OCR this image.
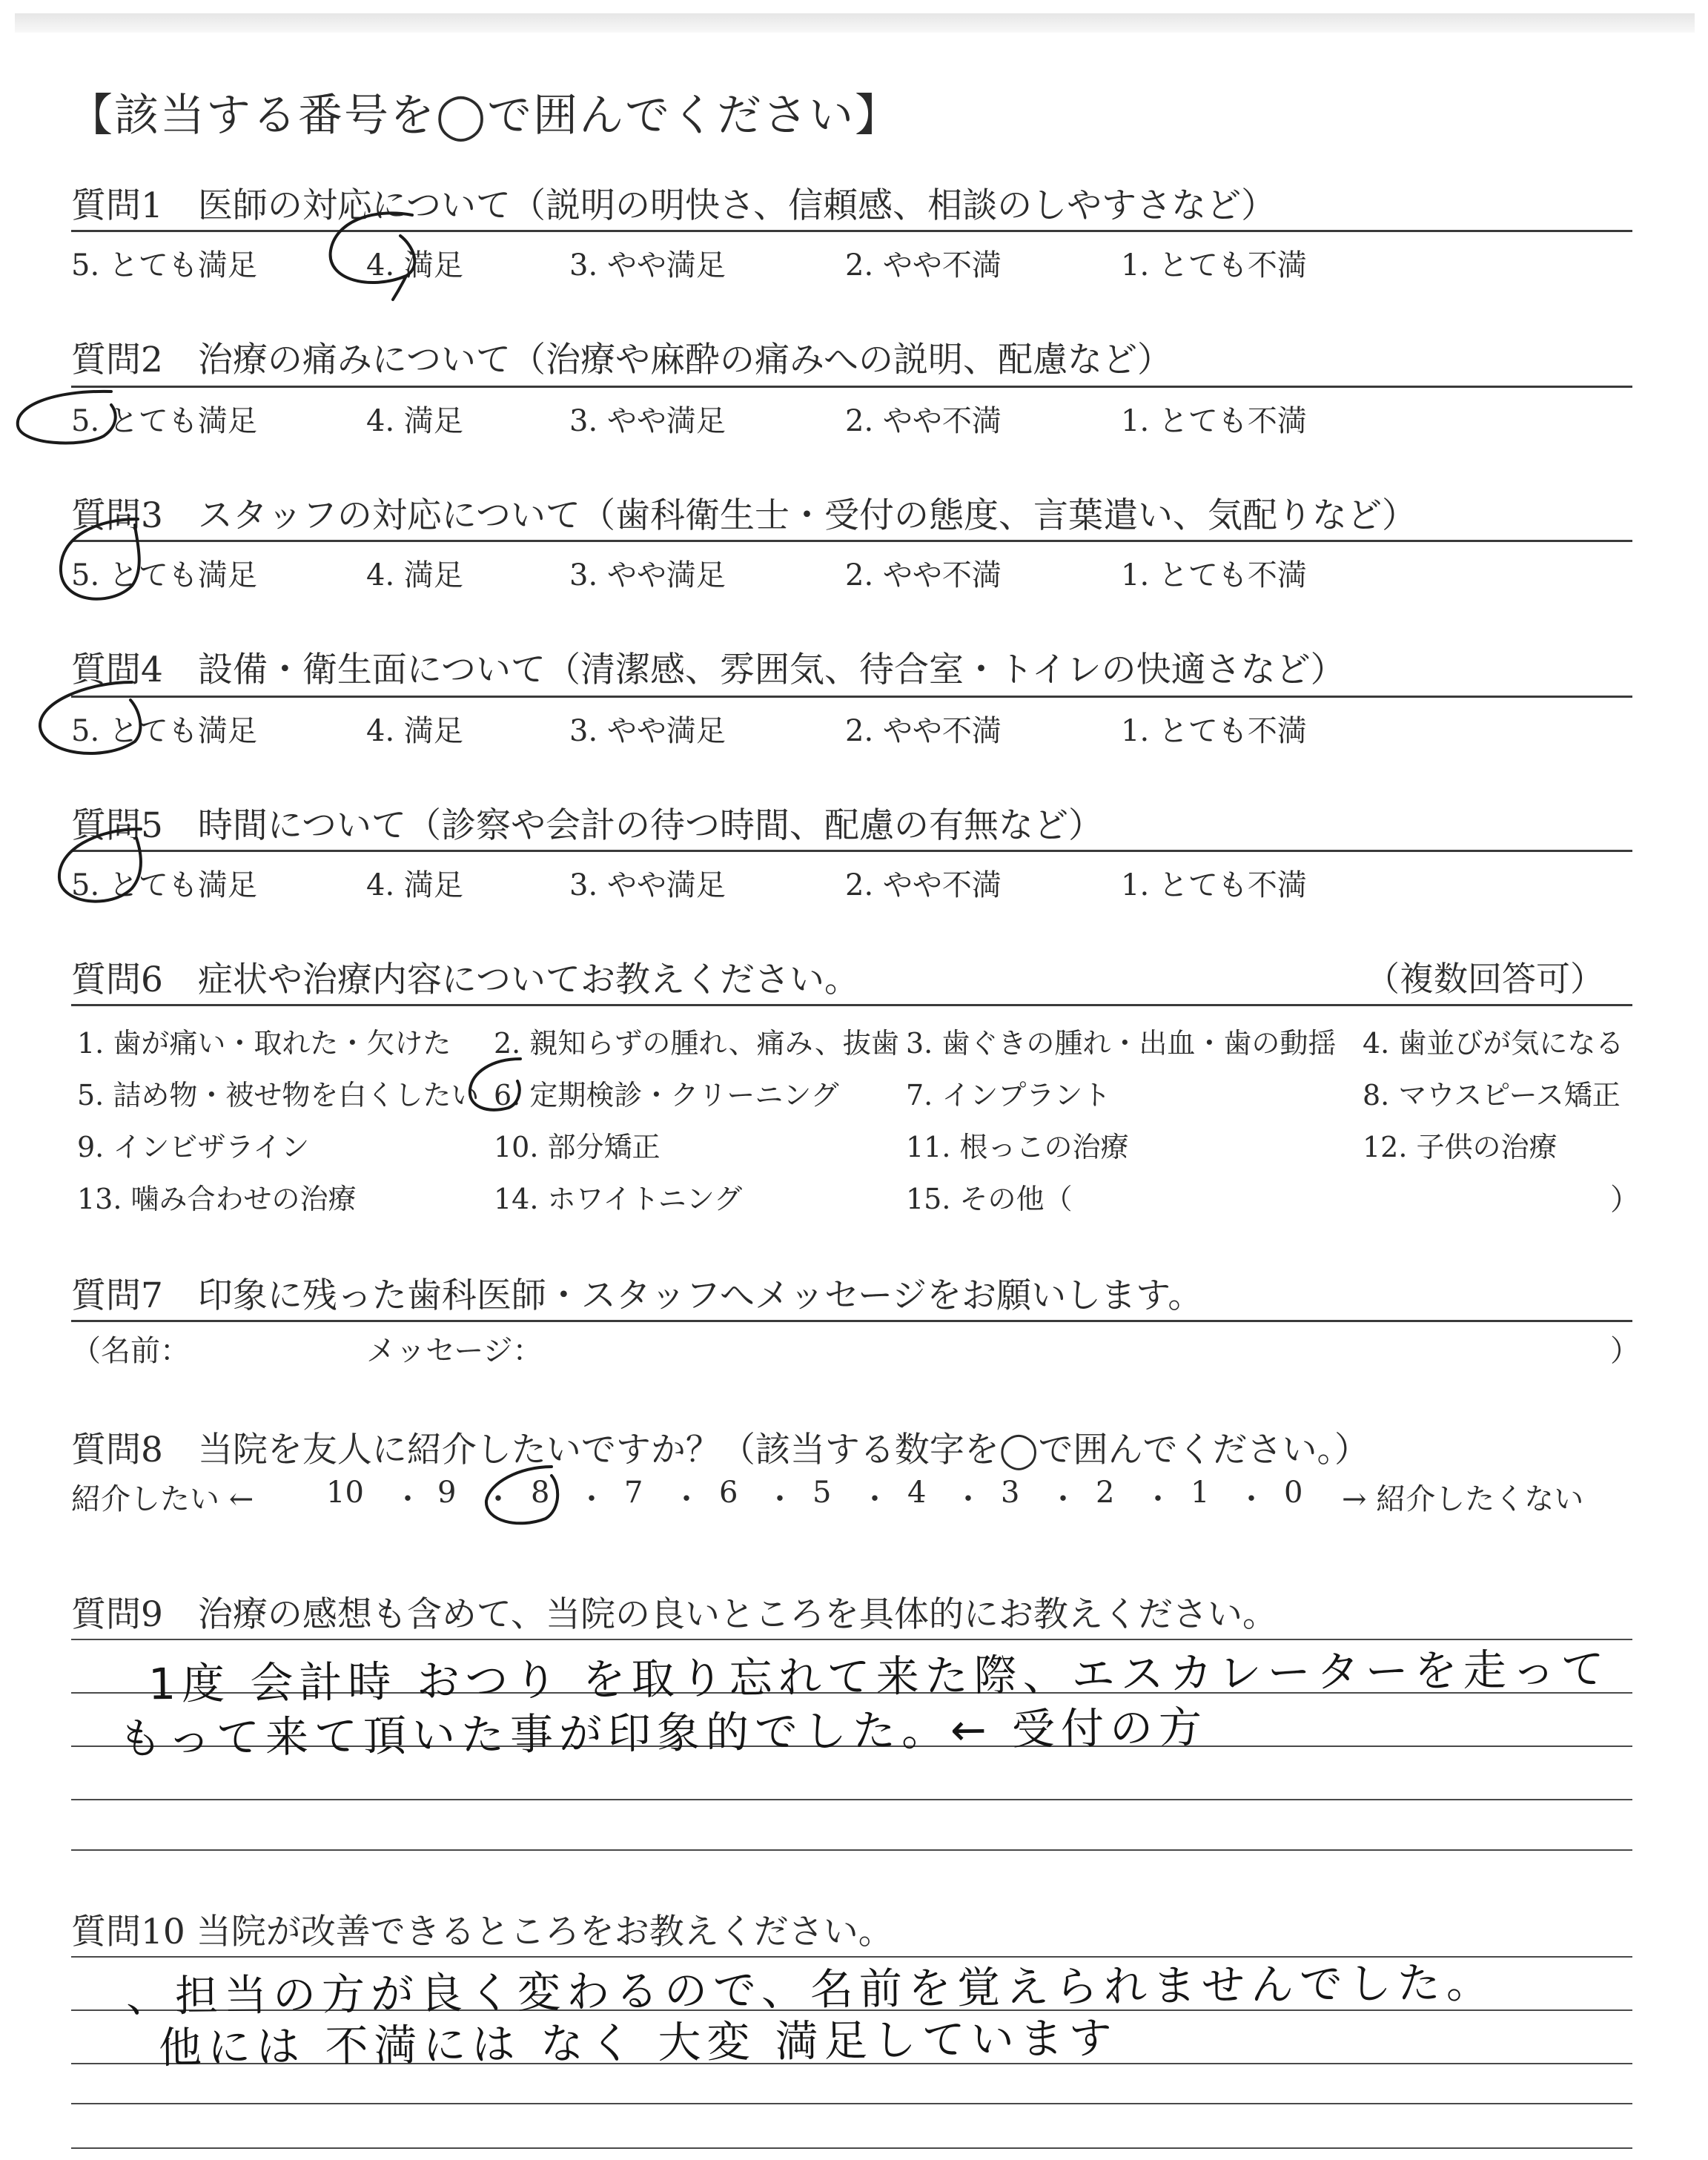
【該当する番号を◯で囲んでください】
質問1　医師の対応について（説明の明快さ、信頼感、相談のしやすさなど）
5. とても満足	4. 満足	3. やや満足	2. やや不満	1. とても不満
質問2　治療の痛みについて（治療や麻酔の痛みへの説明、配慮など）
5. とても満足	4. 満足	3. やや満足	2. やや不満	1. とても不満
質問3　スタッフの対応について（歯科衛生士・受付の態度、言葉遣い、気配りなど）
5. とても満足	4. 満足	3. やや満足	2. やや不満	1. とても不満
質問4　設備・衛生面について（清潔感、雰囲気、待合室・トイレの快適さなど）
5. とても満足	4. 満足	3. やや満足	2. やや不満	1. とても不満
質問5　時間について（診察や会計の待つ時間、配慮の有無など）
5. とても満足	4. 満足	3. やや満足	2. やや不満	1. とても不満
質問6　症状や治療内容についてお教えください。	（複数回答可）
1. 歯が痛い・取れた・欠けた 2. 親知らずの腫れ、痛み、抜歯 3. 歯ぐきの腫れ・出血・歯の動揺 4. 歯並びが気になる
5. 詰め物・被せ物を白くしたい 6. 定期検診・クリーニング 7. インプラント	8. マウスピース矯正
9. インビザライン	10. 部分矯正	11. 根っこの治療	12. 子供の治療
13. 噛み合わせの治療	14. ホワイトニング	15. その他（	）
質問7　印象に残った歯科医師・スタッフへメッセージをお願いします。
（名前：	メッセージ：	）
質問8　当院を友人に紹介したいですか？（該当する数字を◯で囲んでください。）
紹介したい ← 10 9	8	7	6	5	4	3	2	1	0 → 紹介したくない
・ ・ ・ ・ ・ ・ ・ ・ ・ ・
質問9　治療の感想も含めて、当院の良いところを具体的にお教えください。
1度 会計時 おつり を取り忘れて来た際、エスカレーターを走って
もって来て頂いた事が印象的でした。← 受付の方
質問10 当院が改善できるところをお教えください。
、担当の方が良く変わるので、名前を覚えられませんでした。
他には 不満には なく 大変 満足しています
